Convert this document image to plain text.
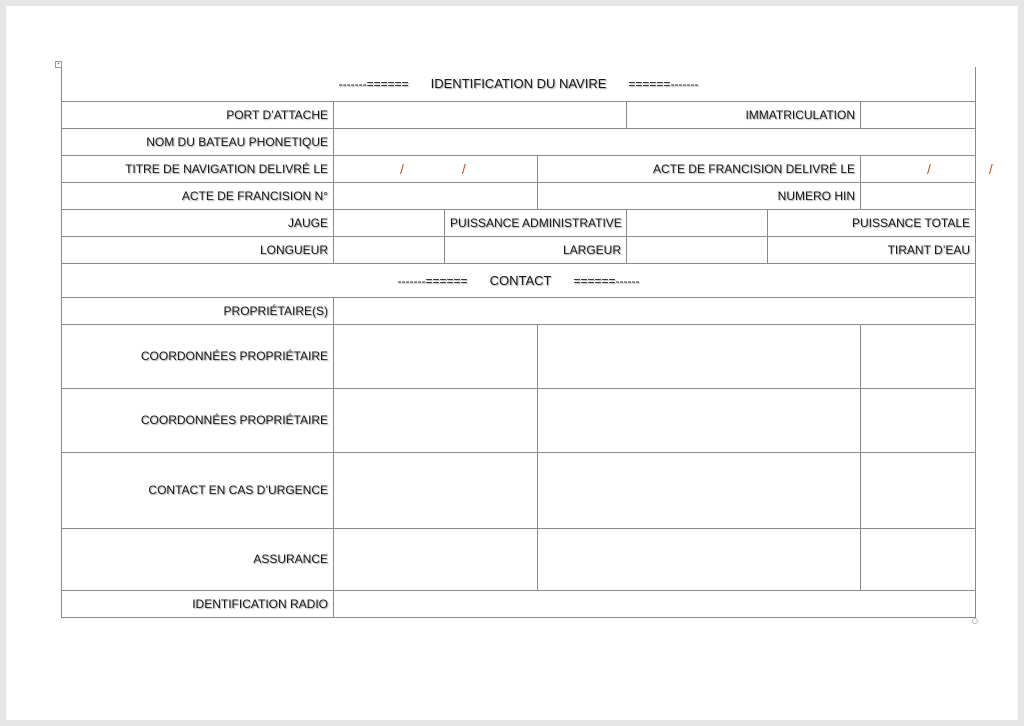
+
-------====== IDENTIFICATION DU NAVIRE ======-------						
PORT D’ATTACHE				IMMATRICULATION		
NOM DU BATEAU PHONETIQUE						
TITRE DE NAVIGATION DELIVRÉ LE	/ /		ACTE DE FRANCISION DELIVRÉ LE			/ /
ACTE DE FRANCISION N°			NUMERO HIN			
JAUGE		PUISSANCE ADMINISTRATIVE			PUISSANCE TOTALE	
LONGUEUR		LARGEUR			TIRANT D’EAU	
-------====== CONTACT ======------						
PROPRIÉTAIRE(S)						
COORDONNÉES PROPRIÉTAIRE						
COORDONNÉES PROPRIÉTAIRE						
CONTACT EN CAS D’URGENCE						
ASSURANCE						
IDENTIFICATION RADIO						
